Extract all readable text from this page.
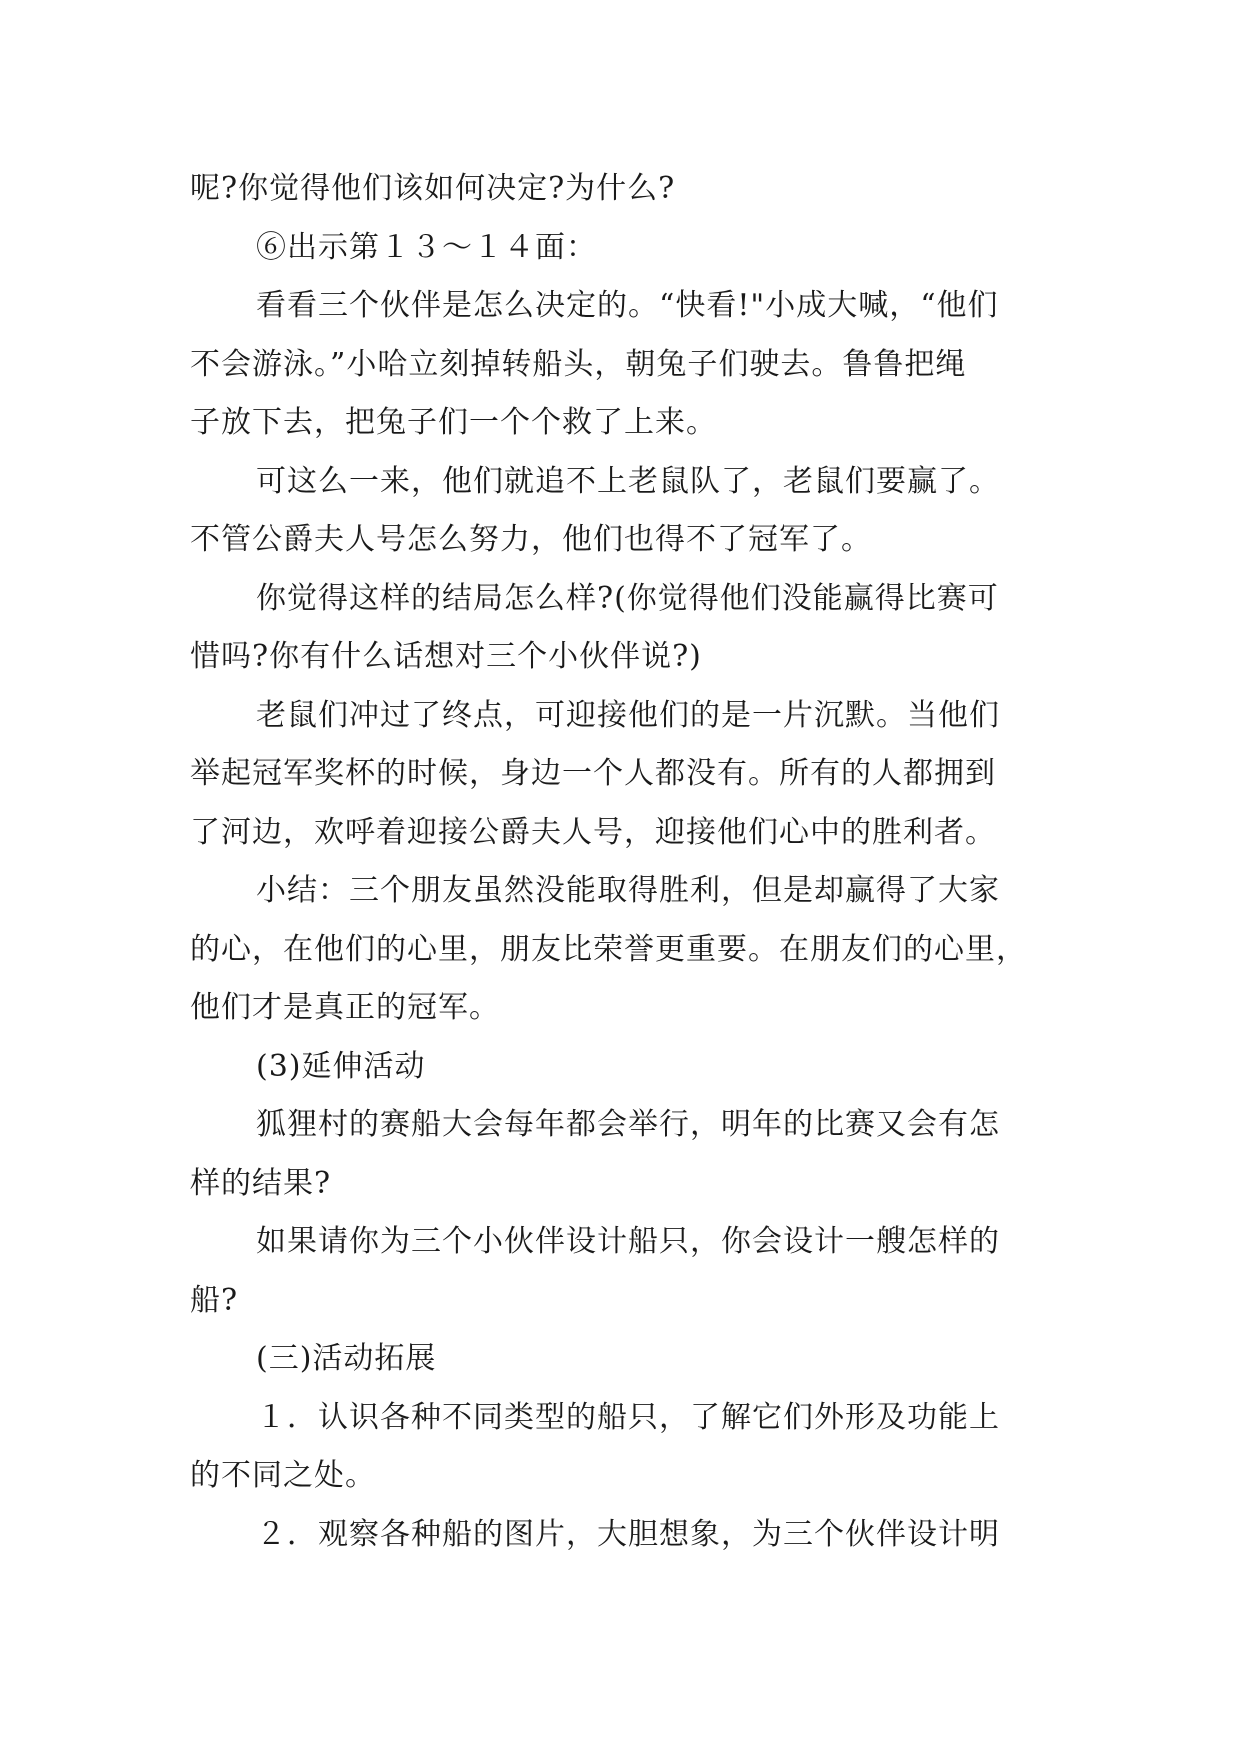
呢?你觉得他们该如何决定?为什么?
⑥出示第１３～１４面：
看看三个伙伴是怎么决定的。“快看!"小成大喊，“他们
不会游泳。”小哈立刻掉转船头，朝兔子们驶去。鲁鲁把绳
子放下去，把兔子们一个个救了上来。
可这么一来，他们就追不上老鼠队了，老鼠们要赢了。
不管公爵夫人号怎么努力，他们也得不了冠军了。
你觉得这样的结局怎么样?(你觉得他们没能赢得比赛可
惜吗?你有什么话想对三个小伙伴说?)
老鼠们冲过了终点，可迎接他们的是一片沉默。当他们
举起冠军奖杯的时候，身边一个人都没有。所有的人都拥到
了河边，欢呼着迎接公爵夫人号，迎接他们心中的胜利者。
小结：三个朋友虽然没能取得胜利，但是却赢得了大家
的心，在他们的心里，朋友比荣誉更重要。在朋友们的心里，
他们才是真正的冠军。
(3)延伸活动
狐狸村的赛船大会每年都会举行，明年的比赛又会有怎
样的结果?
如果请你为三个小伙伴设计船只，你会设计一艘怎样的
船?
(三)活动拓展
１．认识各种不同类型的船只，了解它们外形及功能上
的不同之处。
２．观察各种船的图片，大胆想象，为三个伙伴设计明
